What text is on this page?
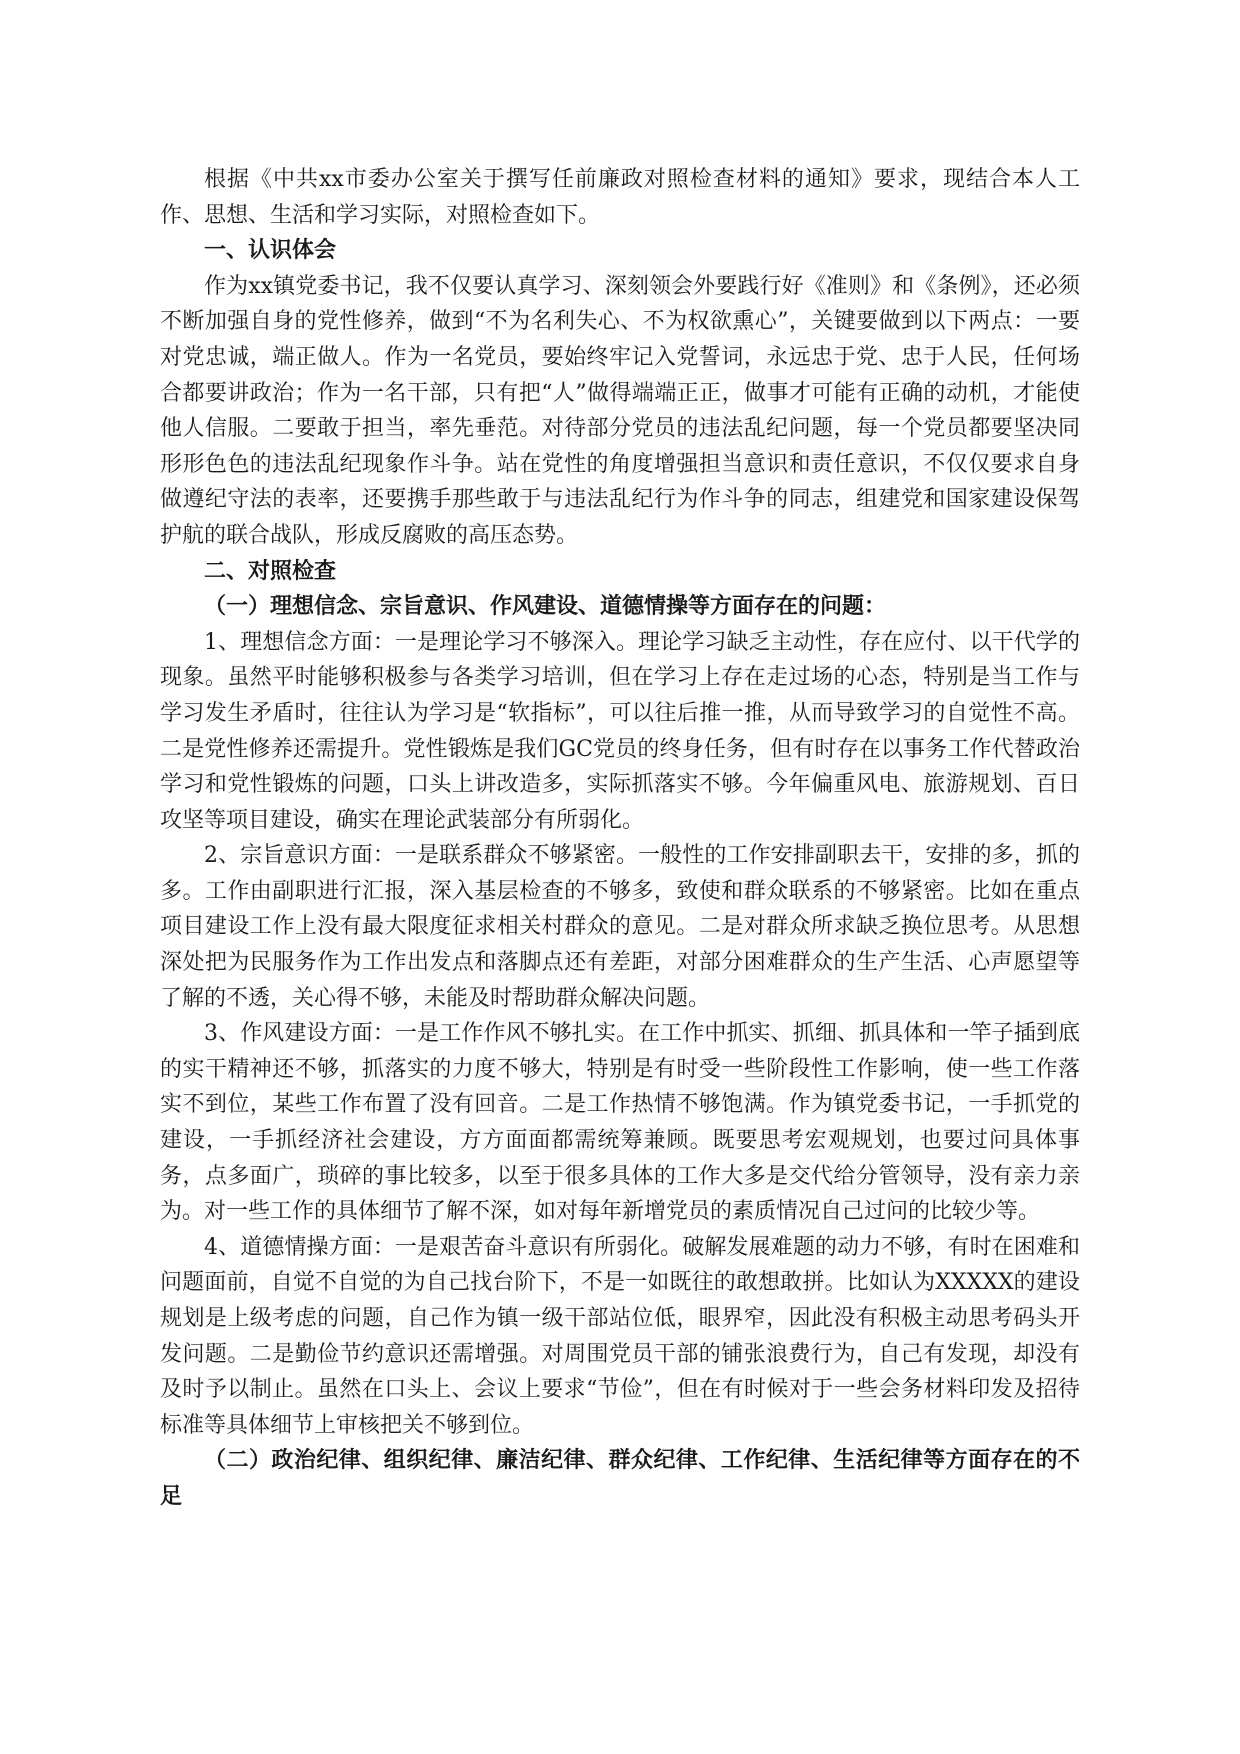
根据《中共xx市委办公室关于撰写任前廉政对照检查材料的通知》要求，现结合本人工作、思想、生活和学习实际，对照检查如下。

一、认识体会

作为xx镇党委书记，我不仅要认真学习、深刻领会外要践行好《准则》和《条例》，还必须不断加强自身的党性修养，做到“不为名利失心、不为权欲熏心”，关键要做到以下两点：一要对党忠诚，端正做人。作为一名党员，要始终牢记入党誓词，永远忠于党、忠于人民，任何场合都要讲政治；作为一名干部，只有把“人”做得端端正正，做事才可能有正确的动机，才能使他人信服。二要敢于担当，率先垂范。对待部分党员的违法乱纪问题，每一个党员都要坚决同形形色色的违法乱纪现象作斗争。站在党性的角度增强担当意识和责任意识，不仅仅要求自身做遵纪守法的表率，还要携手那些敢于与违法乱纪行为作斗争的同志，组建党和国家建设保驾护航的联合战队，形成反腐败的高压态势。

二、对照检查

（一）理想信念、宗旨意识、作风建设、道德情操等方面存在的问题：

1、理想信念方面：一是理论学习不够深入。理论学习缺乏主动性，存在应付、以干代学的现象。虽然平时能够积极参与各类学习培训，但在学习上存在走过场的心态，特别是当工作与学习发生矛盾时，往往认为学习是“软指标”，可以往后推一推，从而导致学习的自觉性不高。二是党性修养还需提升。党性锻炼是我们GC党员的终身任务，但有时存在以事务工作代替政治学习和党性锻炼的问题，口头上讲改造多，实际抓落实不够。今年偏重风电、旅游规划、百日攻坚等项目建设，确实在理论武装部分有所弱化。

2、宗旨意识方面：一是联系群众不够紧密。一般性的工作安排副职去干，安排的多，抓的多。工作由副职进行汇报，深入基层检查的不够多，致使和群众联系的不够紧密。比如在重点项目建设工作上没有最大限度征求相关村群众的意见。二是对群众所求缺乏换位思考。从思想深处把为民服务作为工作出发点和落脚点还有差距，对部分困难群众的生产生活、心声愿望等了解的不透，关心得不够，未能及时帮助群众解决问题。

3、作风建设方面：一是工作作风不够扎实。在工作中抓实、抓细、抓具体和一竿子插到底的实干精神还不够，抓落实的力度不够大，特别是有时受一些阶段性工作影响，使一些工作落实不到位，某些工作布置了没有回音。二是工作热情不够饱满。作为镇党委书记，一手抓党的建设，一手抓经济社会建设，方方面面都需统筹兼顾。既要思考宏观规划，也要过问具体事务，点多面广，琐碎的事比较多，以至于很多具体的工作大多是交代给分管领导，没有亲力亲为。对一些工作的具体细节了解不深，如对每年新增党员的素质情况自己过问的比较少等。

4、道德情操方面：一是艰苦奋斗意识有所弱化。破解发展难题的动力不够，有时在困难和问题面前，自觉不自觉的为自己找台阶下，不是一如既往的敢想敢拼。比如认为XXXXX的建设规划是上级考虑的问题，自己作为镇一级干部站位低，眼界窄，因此没有积极主动思考码头开发问题。二是勤俭节约意识还需增强。对周围党员干部的铺张浪费行为，自己有发现，却没有及时予以制止。虽然在口头上、会议上要求“节俭”，但在有时候对于一些会务材料印发及招待标准等具体细节上审核把关不够到位。

（二）政治纪律、组织纪律、廉洁纪律、群众纪律、工作纪律、生活纪律等方面存在的不足
